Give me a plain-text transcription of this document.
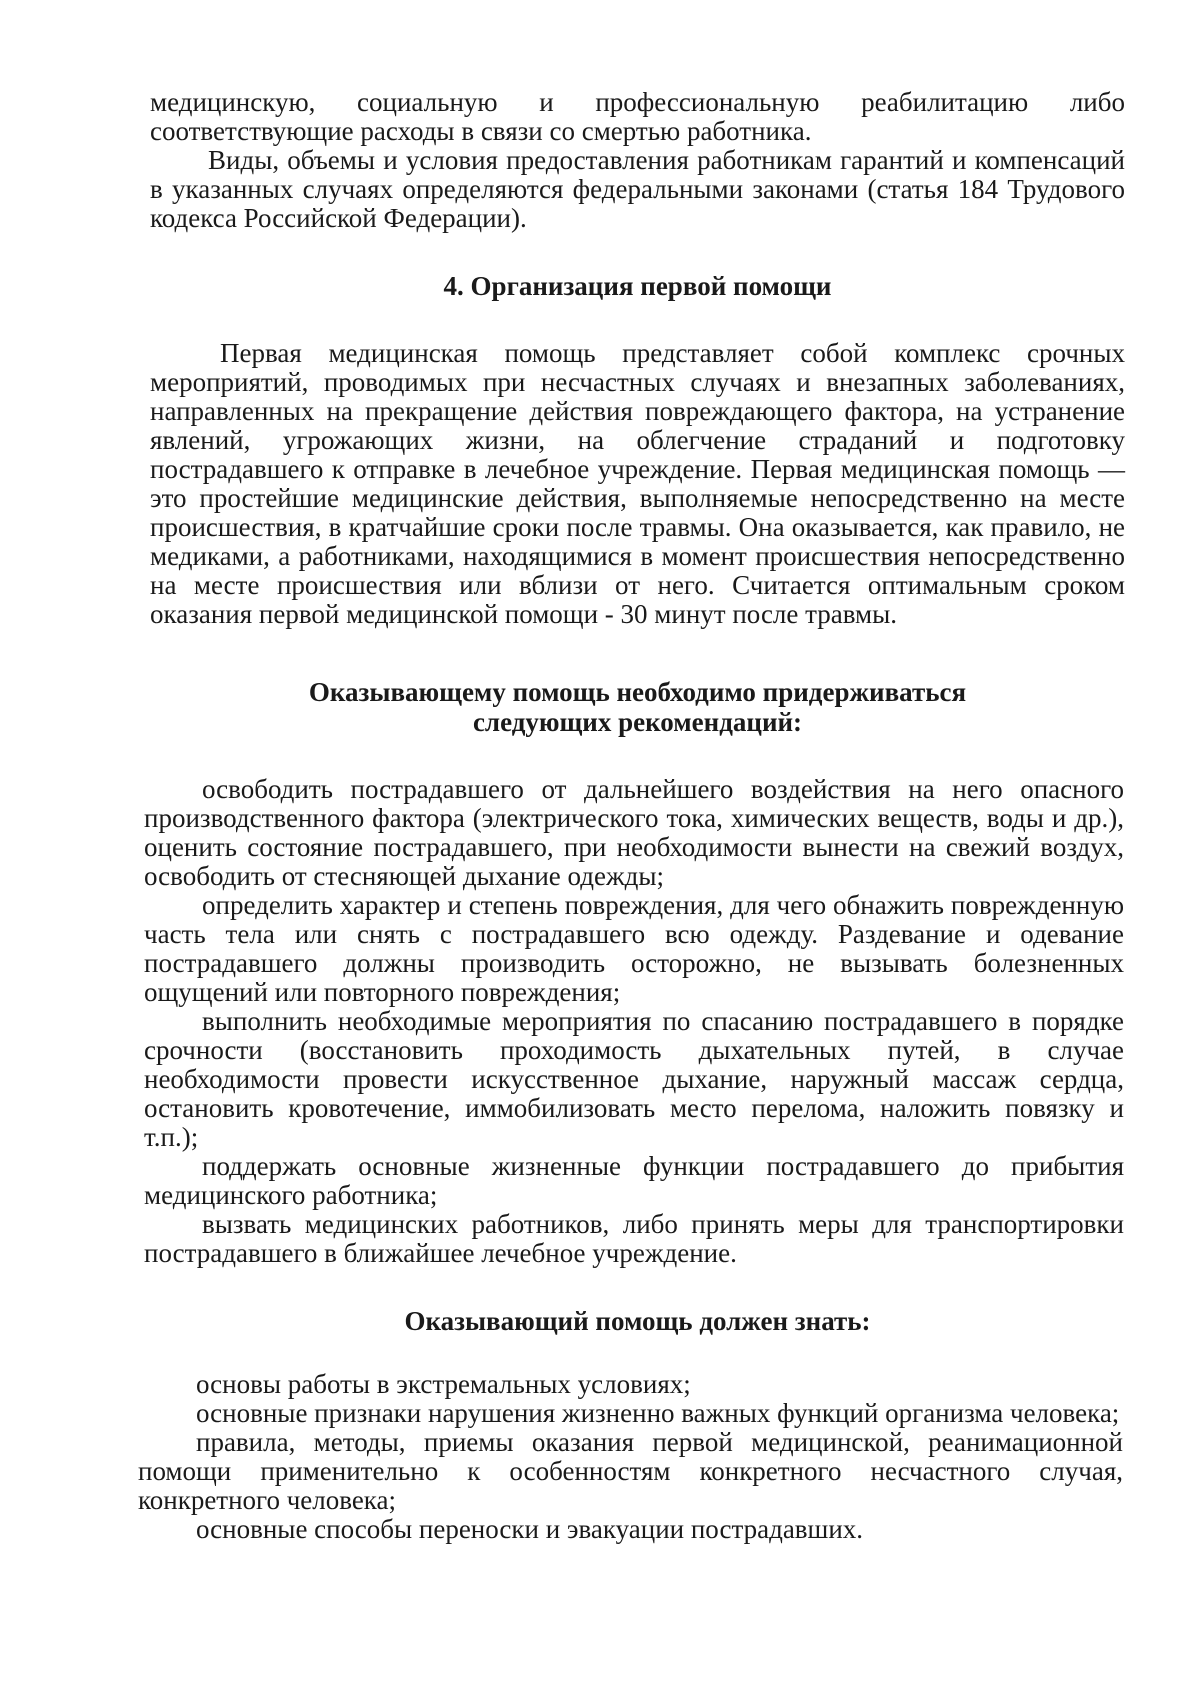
медицинскую, социальную и профессиональную реабилитацию либо соответствующие расходы в связи со смертью работника.

Виды, объемы и условия предоставления работникам гарантий и компенсаций в указанных случаях определяются федеральными законами (статья 184 Трудового кодекса Российской Федерации).

4. Организация первой помощи

Первая медицинская помощь представляет собой комплекс срочных мероприятий, проводимых при несчастных случаях и внезапных заболеваниях, направленных на прекращение действия повреждающего фактора, на устранение явлений, угрожающих жизни, на облегчение страданий и подготовку пострадавшего к отправке в лечебное учреждение. Первая медицинская помощь — это простейшие медицинские действия, выполняемые непосредственно на месте происшествия, в кратчайшие сроки после травмы. Она оказывается, как правило, не медиками, а работниками, находящимися в момент происшествия непосредственно на месте происшествия или вблизи от него. Считается оптимальным сроком оказания первой медицинской помощи - 30 минут после травмы.

Оказывающему помощь необходимо придерживаться
следующих рекомендаций:

освободить пострадавшего от дальнейшего воздействия на него опасного производственного фактора (электрического тока, химических веществ, воды и др.), оценить состояние пострадавшего, при необходимости вынести на свежий воздух, освободить от стесняющей дыхание одежды;

определить характер и степень повреждения, для чего обнажить поврежденную часть тела или снять с пострадавшего всю одежду. Раздевание и одевание пострадавшего должны производить осторожно, не вызывать болезненных ощущений или повторного повреждения;

выполнить необходимые мероприятия по спасанию пострадавшего в порядке срочности (восстановить проходимость дыхательных путей, в случае необходимости провести искусственное дыхание, наружный массаж сердца, остановить кровотечение, иммобилизовать место перелома, наложить повязку и т.п.);

поддержать основные жизненные функции пострадавшего до прибытия медицинского работника;

вызвать медицинских работников, либо принять меры для транспортировки пострадавшего в ближайшее лечебное учреждение.

Оказывающий помощь должен знать:

основы работы в экстремальных условиях;

основные признаки нарушения жизненно важных функций организма человека;

правила, методы, приемы оказания первой медицинской, реанимационной помощи применительно к особенностям конкретного несчастного случая, конкретного человека;

основные способы переноски и эвакуации пострадавших.
